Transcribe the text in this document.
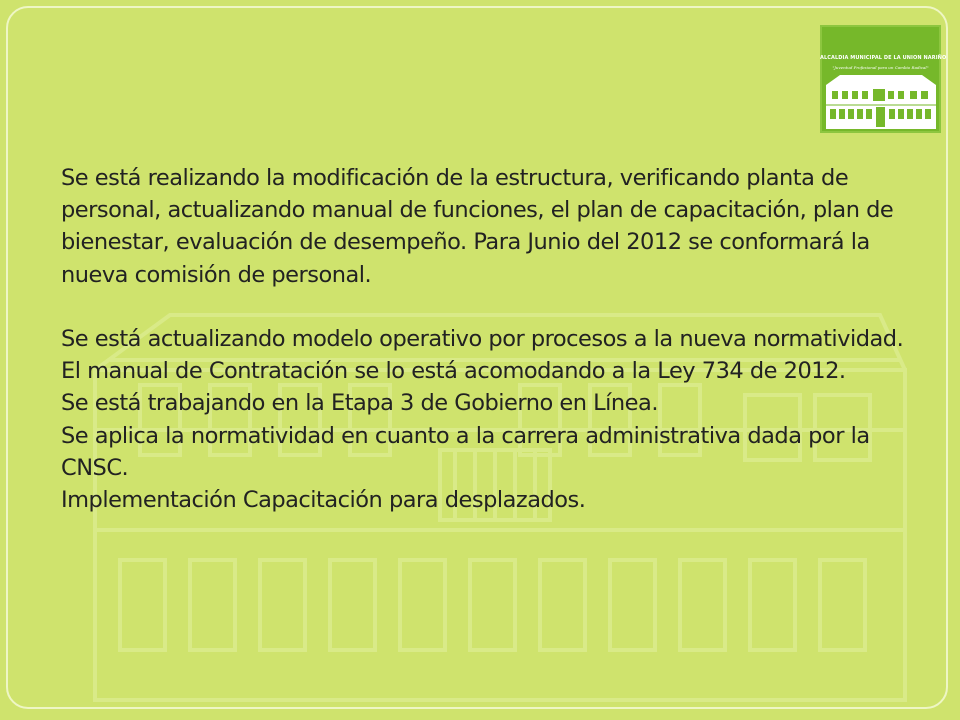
ALCALDIA MUNICIPAL DE LA UNION NARIÑO
"Juventud Profesional para un Cambio Radical"

Se está realizando la modificación de la estructura, verificando planta de personal, actualizando manual de funciones, el plan de capacitación, plan de bienestar, evaluación de desempeño. Para Junio del 2012 se conformará la nueva comisión de personal.

Se está actualizando modelo operativo por procesos a la nueva normatividad. El manual de Contratación se lo está acomodando a la Ley 734 de 2012.

Se está trabajando en la Etapa 3 de Gobierno en Línea.

Se aplica la normatividad en cuanto a la carrera administrativa dada por la CNSC.

Implementación Capacitación para desplazados.
